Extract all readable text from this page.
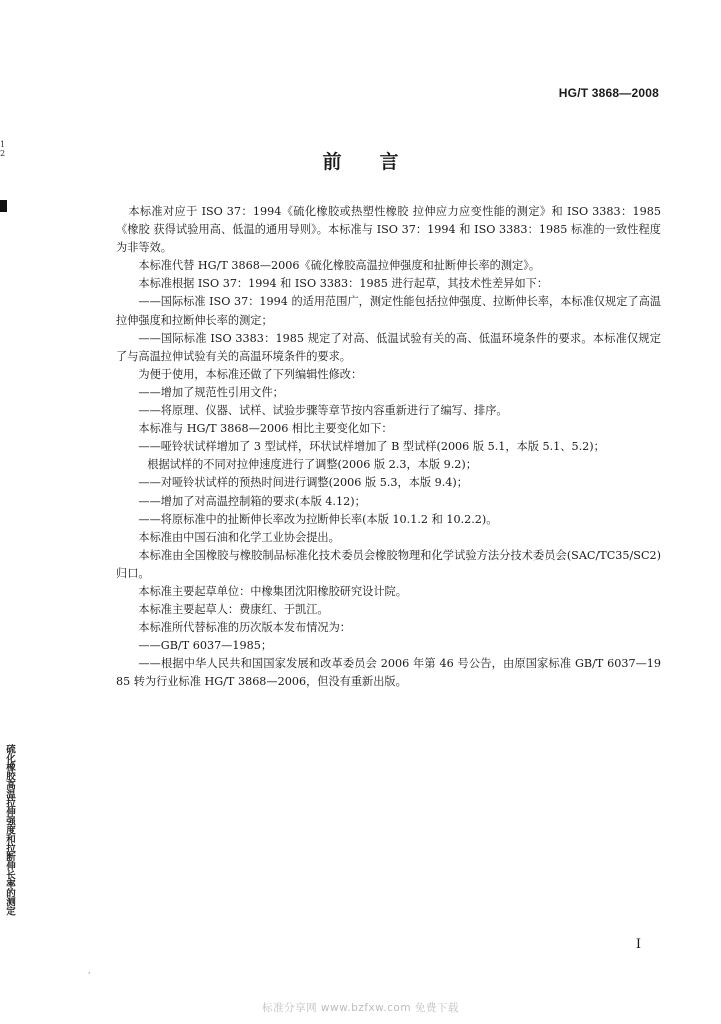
HG/T 3868—2008
1
2
硫化橡胶高温拉伸强度和拉断伸长率的测定
前言

本标准对应于 ISO 37：1994《硫化橡胶或热塑性橡胶 拉伸应力应变性能的测定》和 ISO 3383：1985《橡胶 获得试验用高、低温的通用导则》。本标准与 ISO 37：1994 和 ISO 3383：1985 标准的一致性程度为非等效。

本标准代替 HG/T 3868—2006《硫化橡胶高温拉伸强度和扯断伸长率的测定》。

本标准根据 ISO 37：1994 和 ISO 3383：1985 进行起草，其技术性差异如下：

——国际标准 ISO 37：1994 的适用范围广，测定性能包括拉伸强度、拉断伸长率，本标准仅规定了高温拉伸强度和拉断伸长率的测定；

——国际标准 ISO 3383：1985 规定了对高、低温试验有关的高、低温环境条件的要求。本标准仅规定了与高温拉伸试验有关的高温环境条件的要求。

为便于使用，本标准还做了下列编辑性修改：

——增加了规范性引用文件；

——将原理、仪器、试样、试验步骤等章节按内容重新进行了编写、排序。

本标准与 HG/T 3868—2006 相比主要变化如下：

——哑铃状试样增加了 3 型试样，环状试样增加了 B 型试样(2006 版 5.1，本版 5.1、5.2)；

根据试样的不同对拉伸速度进行了调整(2006 版 2.3，本版 9.2)；

——对哑铃状试样的预热时间进行调整(2006 版 5.3，本版 9.4)；

——增加了对高温控制箱的要求(本版 4.12)；

——将原标准中的扯断伸长率改为拉断伸长率(本版 10.1.2 和 10.2.2)。

本标准由中国石油和化学工业协会提出。

本标准由全国橡胶与橡胶制品标准化技术委员会橡胶物理和化学试验方法分技术委员会(SAC/TC35/SC2)归口。

本标准主要起草单位：中橡集团沈阳橡胶研究设计院。

本标准主要起草人：费康红、于凯江。

本标准所代替标准的历次版本发布情况为：

——GB/T 6037—1985；

——根据中华人民共和国国家发展和改革委员会 2006 年第 46 号公告，由原国家标准 GB/T 6037—1985 转为行业标准 HG/T 3868—2006，但没有重新出版。

I
‚
标准分享网 www.bzfxw.com 免费下载
